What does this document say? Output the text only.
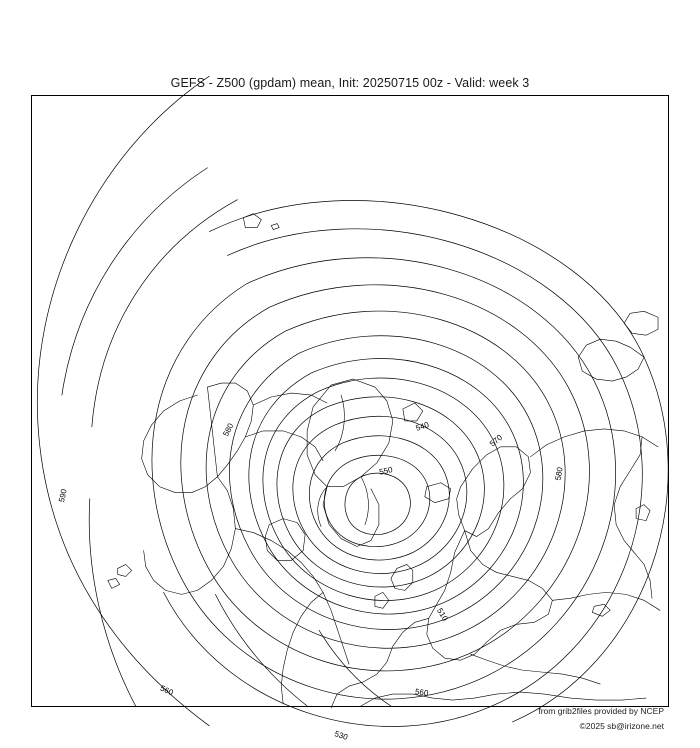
GEFS - Z500 (gpdam) mean, Init: 20250715 00z - Valid: week 3
580	540
570
550	580
590
510
560	560
530
from grib2files provided by NCEP
©2025 sb@irizone.net
